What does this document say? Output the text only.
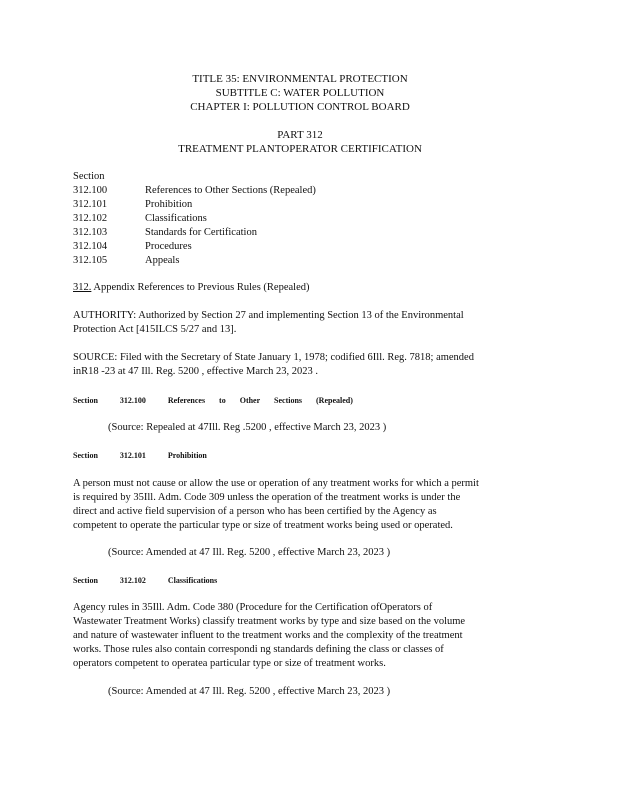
TITLE 35: ENVIRONMENTAL PROTECTION
SUBTITLE C: WATER POLLUTION
CHAPTER I: POLLUTION CONTROL BOARD
PART 312
TREATMENT PLANTOPERATOR CERTIFICATION
Section
312.100	References to Other Sections (Repealed)
312.101	Prohibition
312.102	Classifications
312.103	Standards for Certification
312.104	Procedures
312.105	Appeals
312. Appendix References to Previous Rules (Repealed)
AUTHORITY: Authorized by Section 27 and implementing Section 13 of the Environmental
Protection Act [415ILCS 5/27 and 13].
SOURCE: Filed with the Secretary of State January 1, 1978; codified 6Ill. Reg. 7818; amended
inR18 -23 at 47 Ill. Reg. 5200 , effective March 23, 2023 .
Section	312.100	References to Other Sections (Repealed)
(Source: Repealed at 47Ill. Reg .5200 , effective March 23, 2023 )
Section	312.101	Prohibition
A person must not cause or allow the use or operation of any treatment works for which a permit
is required by 35Ill. Adm. Code 309 unless the operation of the treatment works is under the
direct and active field supervision of a person who has been certified by the Agency as
competent to operate the particular type or size of treatment works being used or operated.
(Source: Amended at 47 Ill. Reg. 5200 , effective March 23, 2023 )
Section	312.102	Classifications
Agency rules in 35Ill. Adm. Code 380 (Procedure for the Certification ofOperators of
Wastewater Treatment Works) classify treatment works by type and size based on the volume
and nature of wastewater influent to the treatment works and the complexity of the treatment
works. Those rules also contain correspondi ng standards defining the class or classes of
operators competent to operatea particular type or size of treatment works.
(Source: Amended at 47 Ill. Reg. 5200 , effective March 23, 2023 )
